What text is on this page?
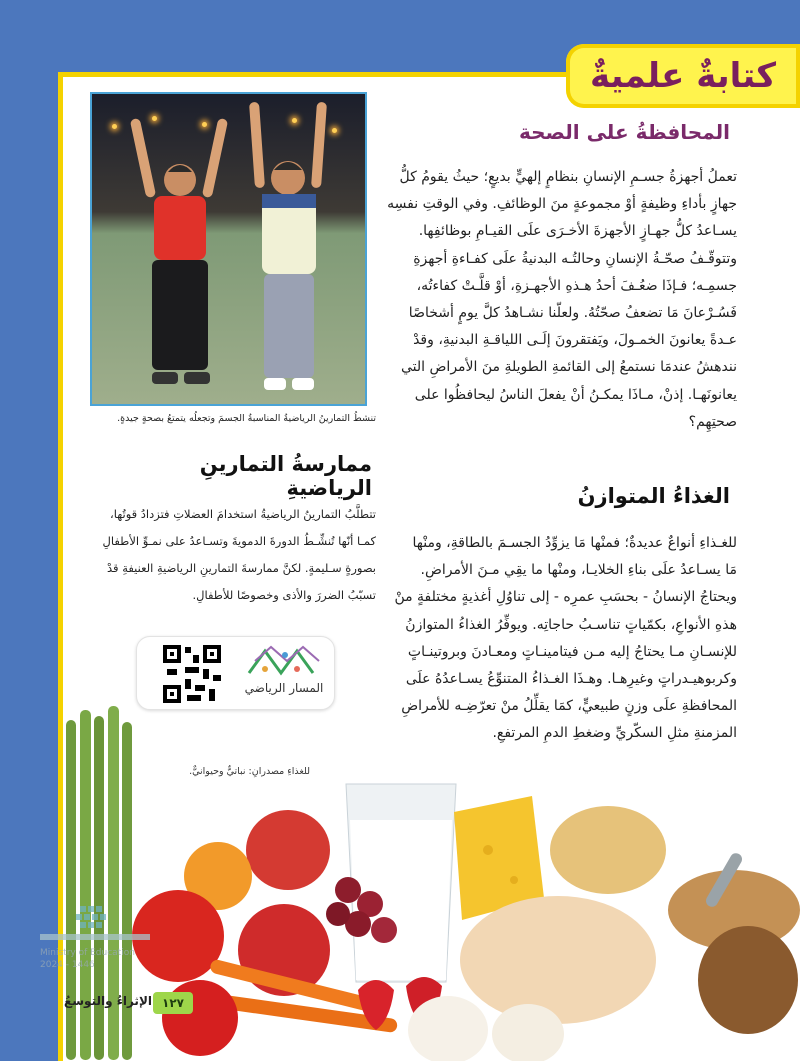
كتابةٌ علميةٌ
تنشطُ التمارينُ الرياضيةُ المناسبةُ الجسمَ وتجعلُه يتمتعُ بصحةٍ جيدةٍ.
المحافظةُ على الصحة
تعملُ أجهزةُ جسـمِ الإنسانِ بنظامٍ إلهيٍّ بديعٍ؛ حيثُ يقومُ كلُّ
جهازٍ بأداءِ وظيفةٍ أوْ مجموعةٍ منَ الوظائفِ. وفي الوقتِ نفسِه
يسـاعدُ كلُّ جهـازٍ الأجهزةَ الأخـرَى علَى القيـامِ بوظائفِها.
وتتوقّـفُ صحّـةُ الإنسانِ وحالتُـه البدنيةُ علَى كفـاءةِ أجهزةِ
جسمِـه؛ فـإذَا ضعُـفَ أحدُ هـذهِ الأجهـزةِ، أوْ قلَّـتْ كفاءتُه،
فَسُـرْعانَ مَا تضعفُ صحّتُهُ. ولعلّنا نشـاهدُ كلَّ يومٍ أشخاصًا
عـدةً يعانونَ الخمـولَ، ويَفتقرونَ إلَـى اللياقـةِ البدنيةِ، وقدْ
نندهشُ عندمَا نستمعُ إلى القائمةِ الطويلةِ منَ الأمراضِ التي
يعانونَهـا. إذنْ، مـاذَا يمكـنُ أنْ يفعلَ الناسُ ليحافظُوا على
صحتِهِم؟
الغذاءُ المتوازنُ
للغـذاءِ أنواعٌ عديدةٌ؛ فمنْها مَا يزوِّدُ الجسـمَ بالطاقةِ، ومنْها
مَا يسـاعدُ علَى بناءِ الخلايـا، ومنْها ما يقِي مـنَ الأمراضِ.
ويحتاجُ الإنسانُ - بحسَبِ عمرِه - إلى تناوُلِ أغذيةٍ مختلفةٍ منْ
هذهِ الأنواعِ، بكمّياتٍ تناسـبُ حاجاتِه. ويوفِّرُ الغذاءُ المتوازنُ
للإنسـانِ مـا يحتاجُ إليه مـن فيتامينـاتٍ ومعـادنَ وبروتينـاتٍ
وكربوهيـدراتٍ وغيرِهـا. وهـذَا الغـذاءُ المتنوِّعُ يسـاعدُهُ علَى
المحافظةِ علَى وزنٍ طبيعيٍّ، كمَا يقلِّلُ منْ تعرّضِـه للأمراضِ
المزمنةِ مثلِ السكّريِّ وضغطِ الدمِ المرتفعِ.
ممارسةُ التمارينِ الرياضيةِ
تتطلَّبُ التمارينُ الرياضيةُ استخدامَ العضلاتِ فتزدادُ قوتُها،
كمـا أنّها تُنشِّـطُ الدورةَ الدمويةَ وتسـاعدُ على نمـوِّ الأطفالِ
بصورةٍ سـليمةٍ. لكنَّ ممارسةَ التمارينِ الرياضيةِ العنيفةِ قدْ
تسبّبُ الضررَ والأذى وخصوصًا للأطفالِ.
المسار الرياضي
للغذاءِ مصدرانِ: نباتيٌّ وحيوانيٌّ.
Ministry of Education
2024 - 1446
١٢٧
الإثراءُ والتوسعُ
